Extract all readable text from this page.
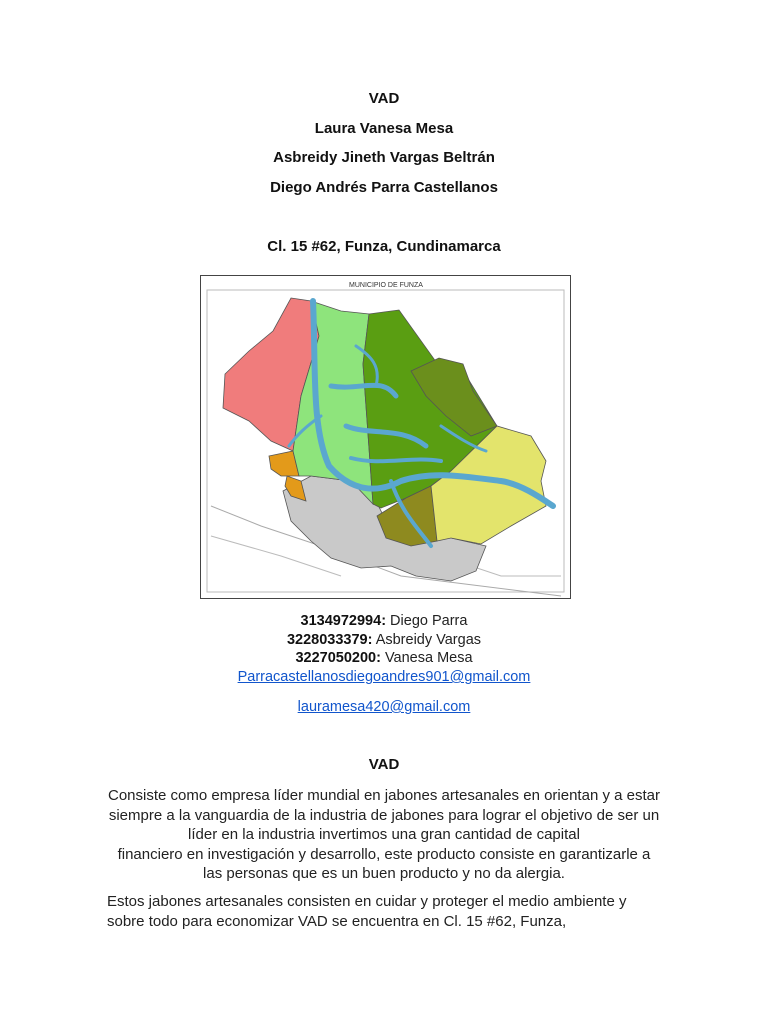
VAD
Laura Vanesa Mesa
Asbreidy Jineth Vargas Beltrán
Diego Andrés Parra Castellanos
Cl. 15 #62, Funza, Cundinamarca
MUNICIPIO DE FUNZA
3134972994: Diego Parra
3228033379: Asbreidy Vargas
3227050200: Vanesa Mesa
Parracastellanosdiegoandres901@gmail.com
lauramesa420@gmail.com
VAD
Consiste como empresa líder mundial en jabones artesanales en orientan y a estar
siempre a la vanguardia de la industria de jabones para lograr el objetivo de ser un
líder en la industria invertimos una gran cantidad de capital
financiero en investigación y desarrollo, este producto consiste en garantizarle a
las personas que es un buen producto y no da alergia.
Estos jabones artesanales consisten en cuidar y proteger el medio ambiente y
sobre todo para economizar VAD se encuentra en Cl. 15 #62, Funza,
